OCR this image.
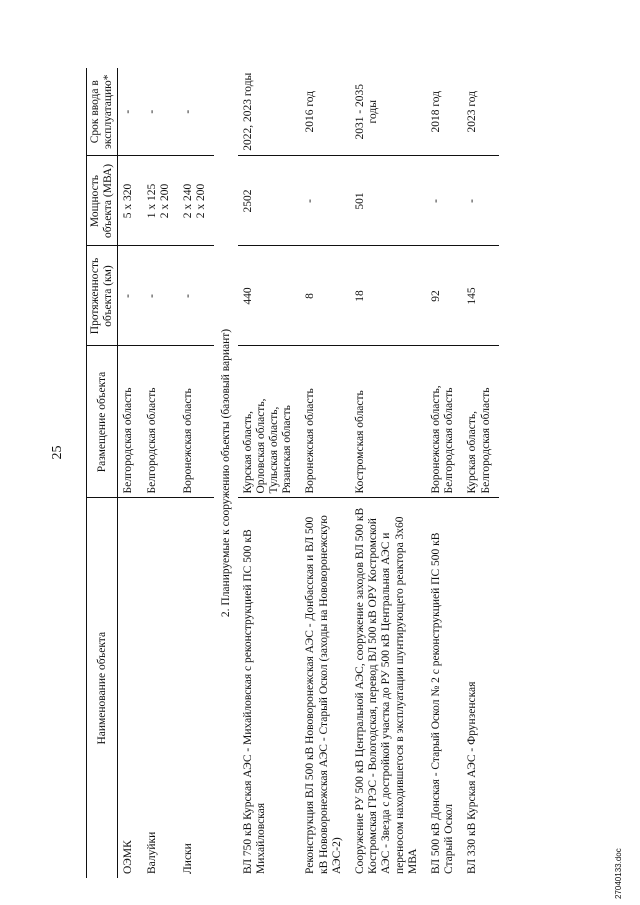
25
Наименование объекта	Размещение объекта	Протяженность объекта (км)	Мощность объекта (МВА)	Срок ввода в эксплуатацию*

ОЭМК	Белгородская область	-	5 х 320	-

Валуйки	Белгородская область	-	1 х 125 2 х 200	-

Лиски	Воронежская область	-	2 х 240 2 х 200	-

2. Планируемые к сооружению объекты (базовый вариант)				

ВЛ 750 кВ Курская АЭС - Михайловская с реконструкцией ПС 500 кВ Михайловская	Курская область, Орловская область, Тульская область, Рязанская область	440	2502	2022, 2023 годы

Реконструкция ВЛ 500 кВ Нововоронежская АЭС - Донбасская и ВЛ 500 кВ Нововоронежская АЭС - Старый Оскол (заходы на Нововоронежскую АЭС-2)	Воронежская область	8	-	2016 год

Сооружение РУ 500 кВ Центральной АЭС, сооружение заходов ВЛ 500 кВ Костромская ГРЭС - Вологодская, перевод ВЛ 500 кВ ОРУ Костромской АЭС - Звезда с достройкой участка до РУ 500 кВ Центральная АЭС и переносом находившегося в эксплуатации шунтирующего реактора 3х60 МВА	Костромская область	18	501	2031 - 2035 годы

ВЛ 500 кВ Донская - Старый Оскол № 2 с реконструкцией ПС 500 кВ Старый Оскол	Воронежская область, Белгородская область	92	-	2018 год

ВЛ 330 кВ Курская АЭС - Фрунзенская	Курская область, Белгородская область	145	-	2023 год
27040133.doc
